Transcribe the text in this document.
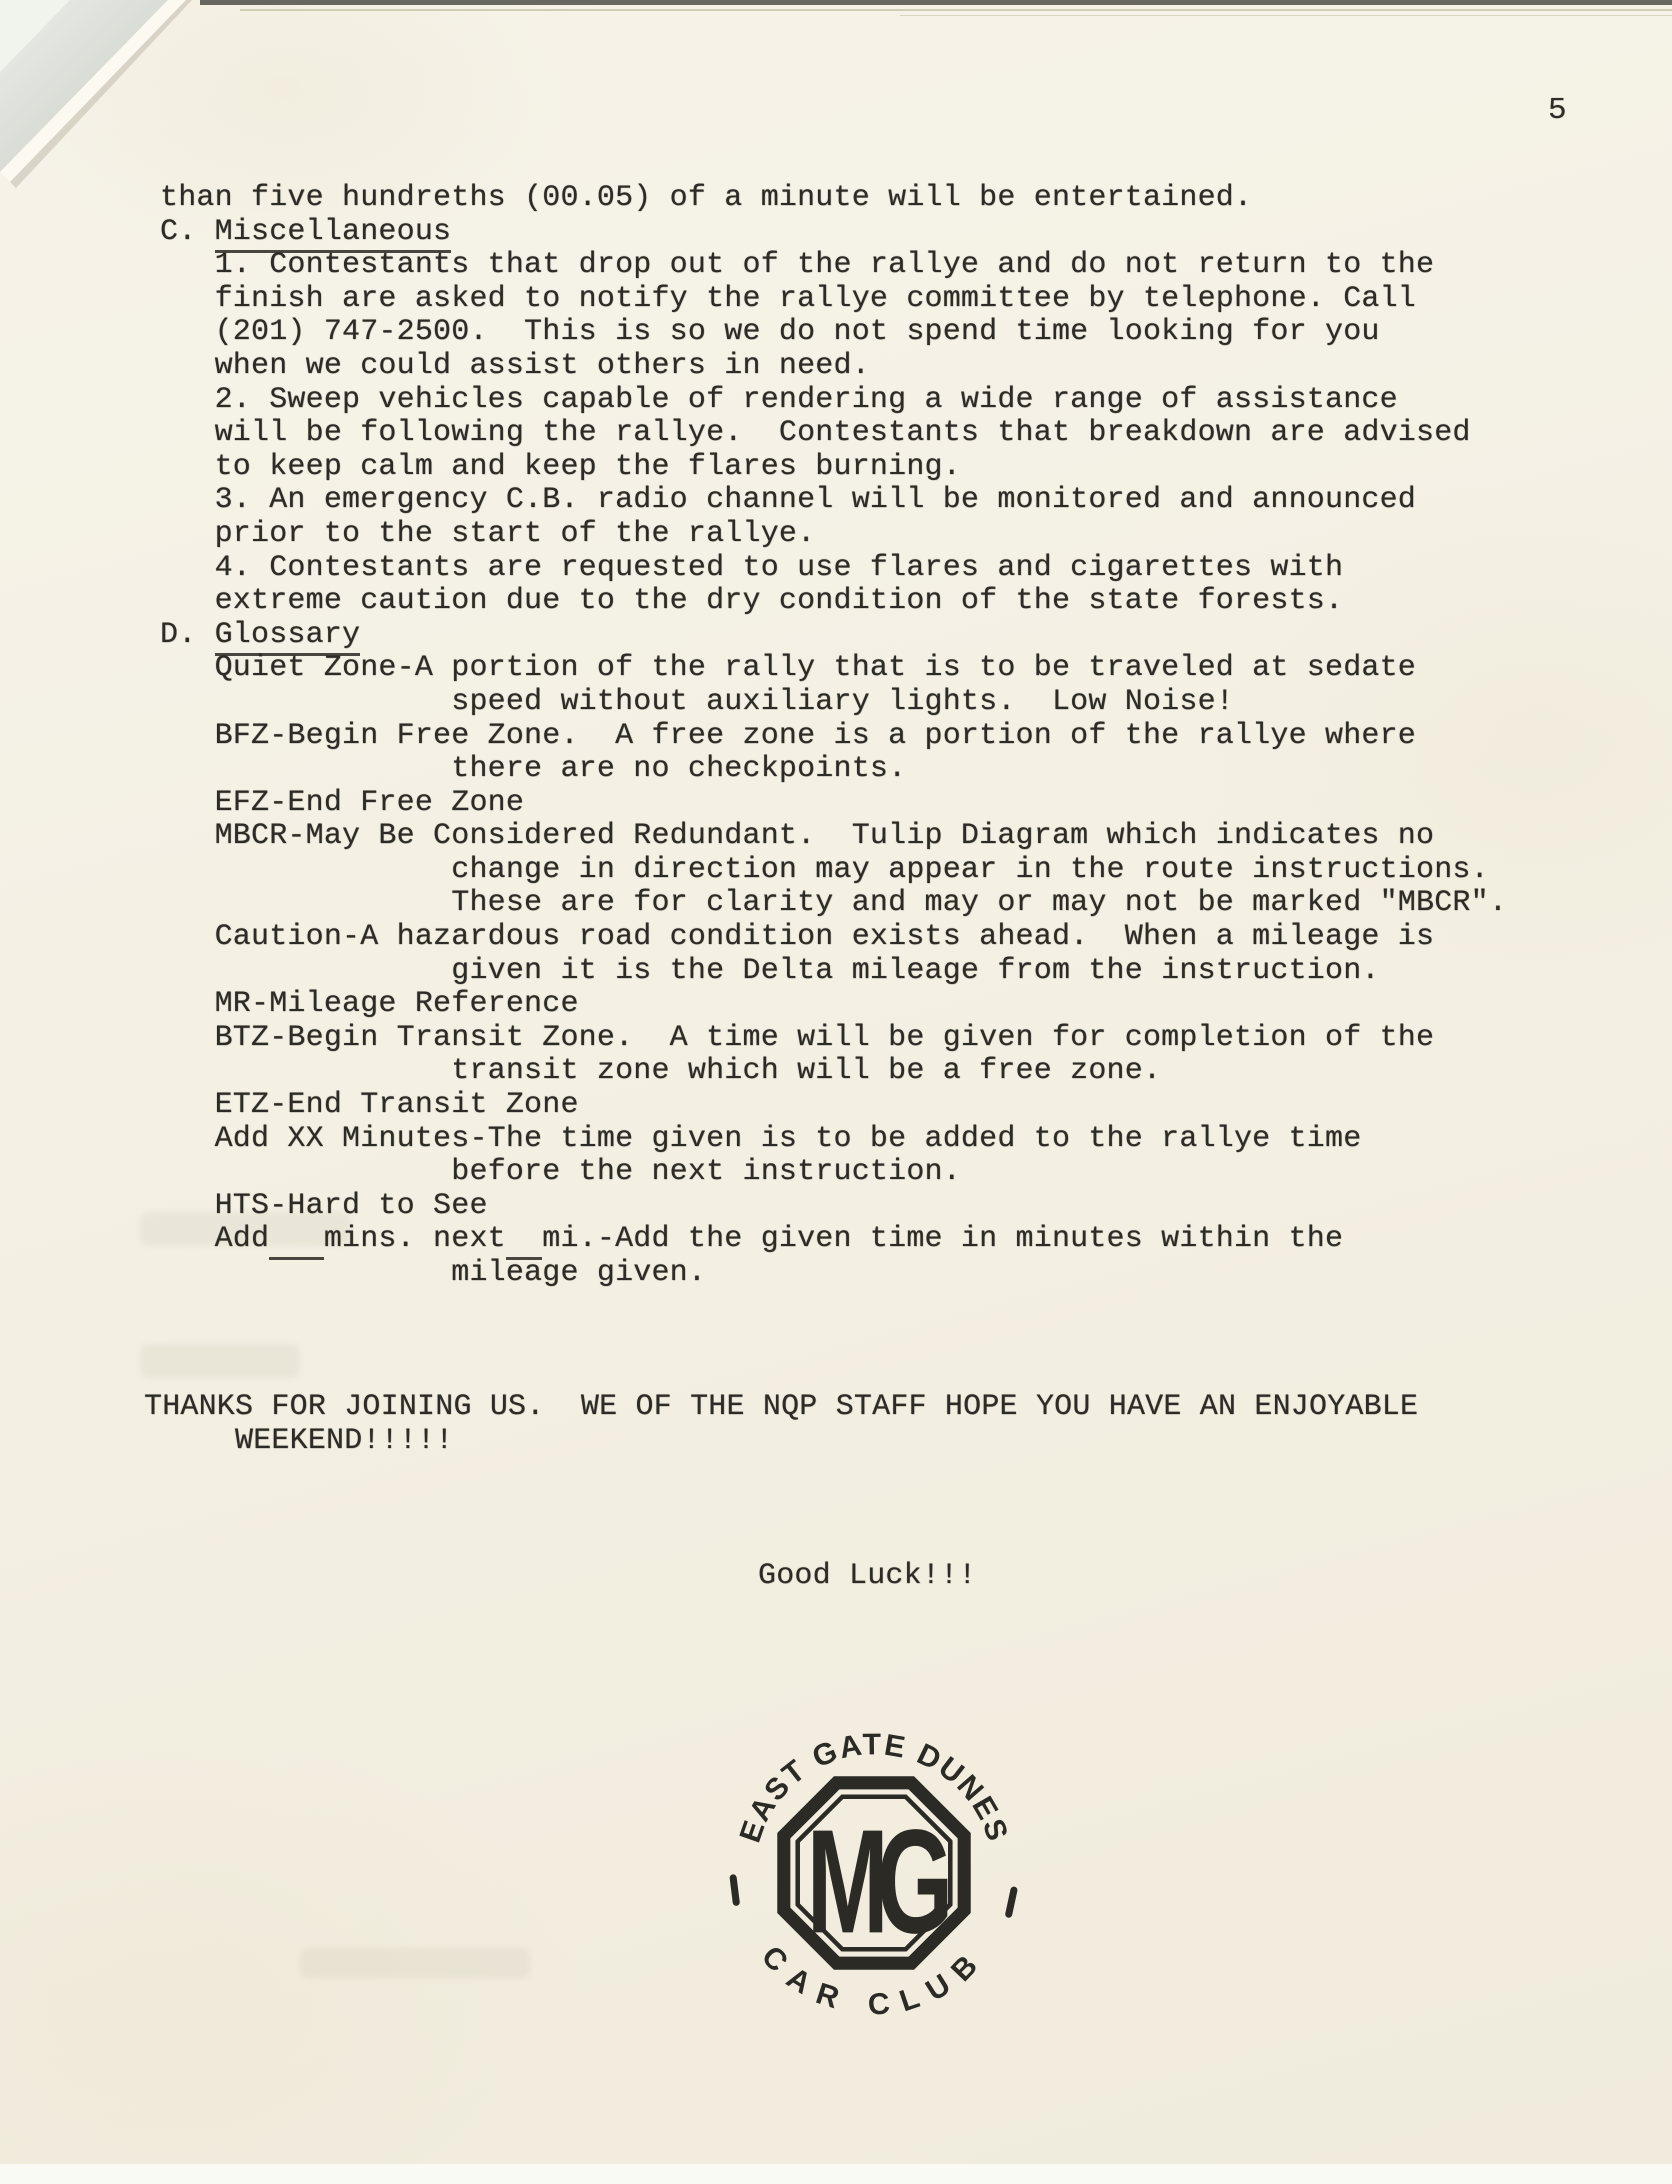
5
than five hundreths (00.05) of a minute will be entertained.
C. Miscellaneous
1. Contestants that drop out of the rallye and do not return to the
finish are asked to notify the rallye committee by telephone. Call
(201) 747-2500.  This is so we do not spend time looking for you
when we could assist others in need.
2. Sweep vehicles capable of rendering a wide range of assistance
will be following the rallye.  Contestants that breakdown are advised
to keep calm and keep the flares burning.
3. An emergency C.B. radio channel will be monitored and announced
prior to the start of the rallye.
4. Contestants are requested to use flares and cigarettes with
extreme caution due to the dry condition of the state forests.
D. Glossary
Quiet Zone-A portion of the rally that is to be traveled at sedate
speed without auxiliary lights.  Low Noise!
BFZ-Begin Free Zone.  A free zone is a portion of the rallye where
there are no checkpoints.
EFZ-End Free Zone
MBCR-May Be Considered Redundant.  Tulip Diagram which indicates no
change in direction may appear in the route instructions.
These are for clarity and may or may not be marked "MBCR".
Caution-A hazardous road condition exists ahead.  When a mileage is
given it is the Delta mileage from the instruction.
MR-Mileage Reference
BTZ-Begin Transit Zone.  A time will be given for completion of the
transit zone which will be a free zone.
ETZ-End Transit Zone
Add XX Minutes-The time given is to be added to the rallye time
before the next instruction.
HTS-Hard to See
Add mins. next mi.-Add the given time in minutes within the
mileage given.
THANKS FOR JOINING US.  WE OF THE NQP STAFF HOPE YOU HAVE AN ENJOYABLE
WEEKEND!!!!!
Good Luck!!!
EAST GATE DUNES
CAR CLUB
MG
